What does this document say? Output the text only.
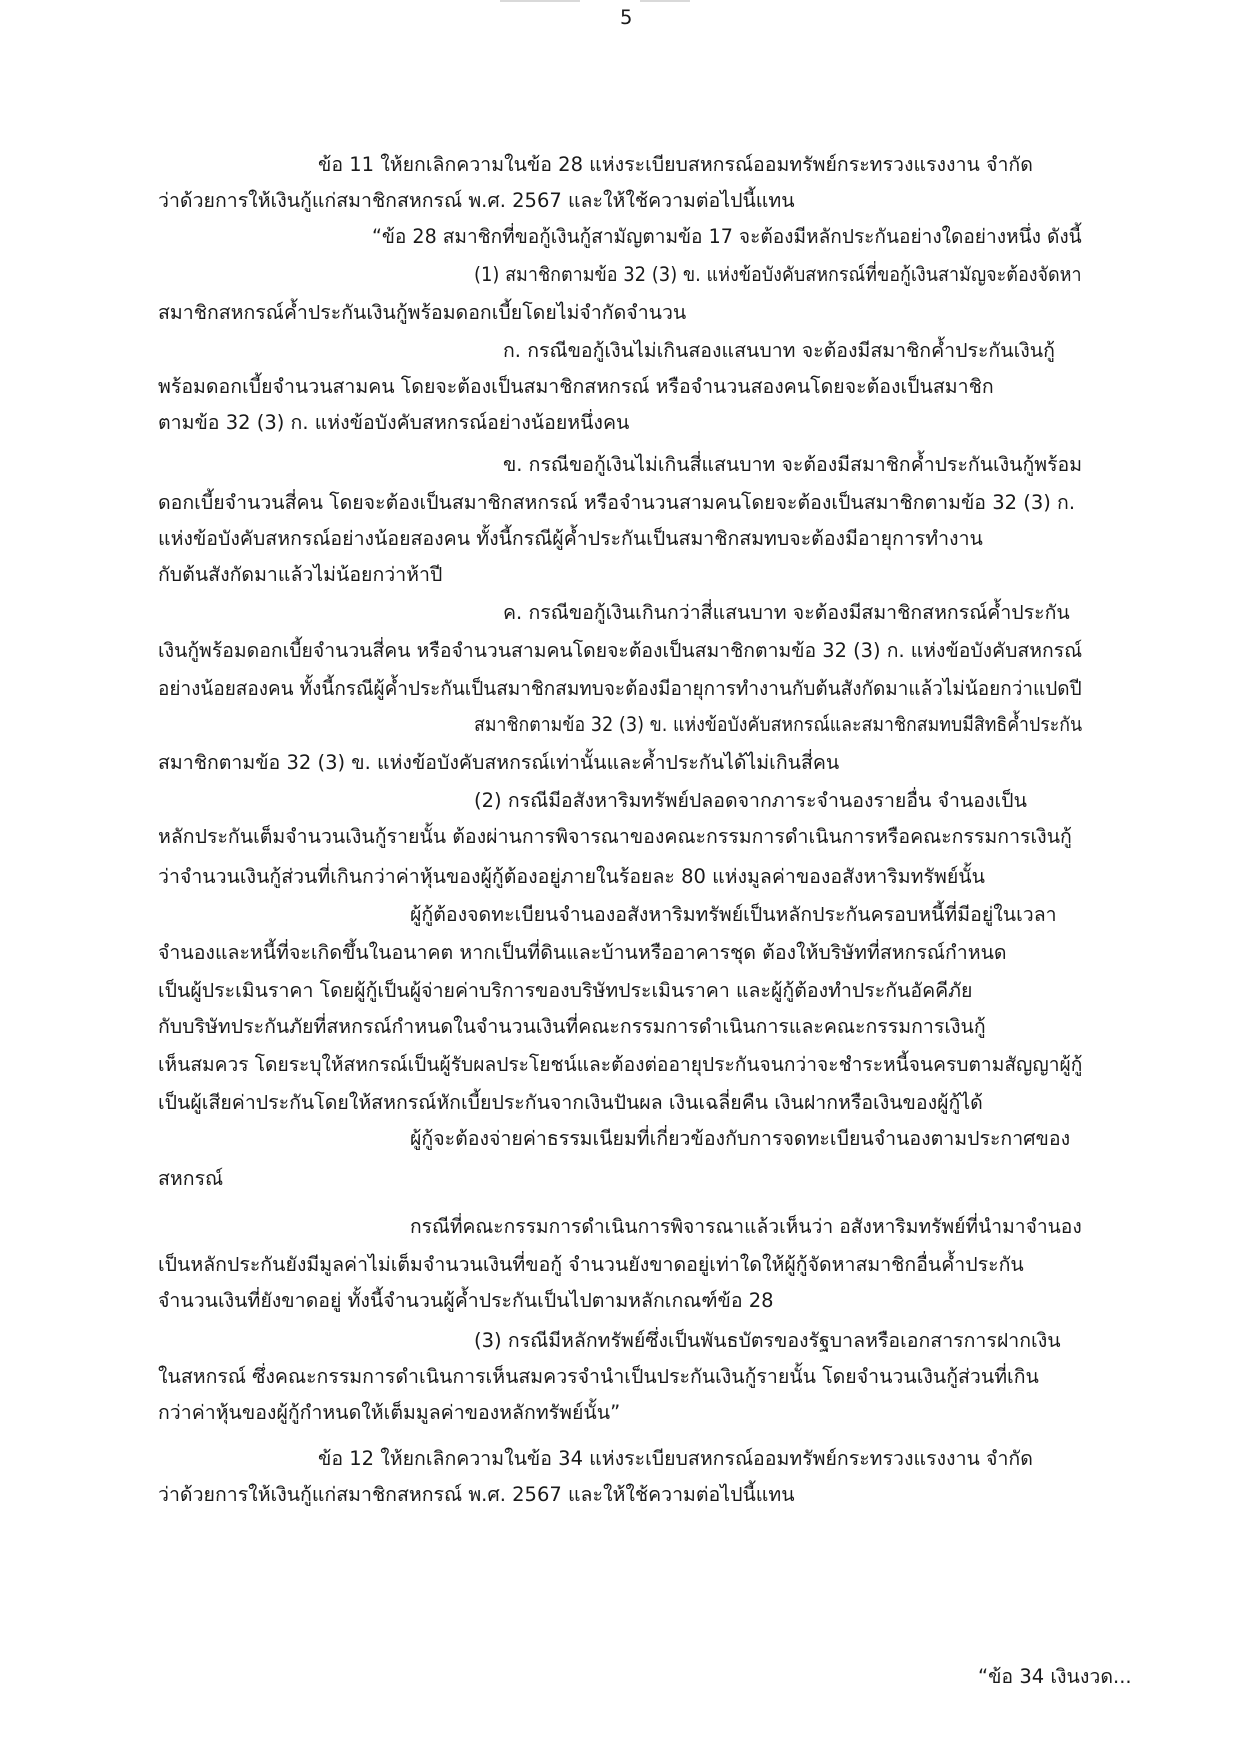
5
ข้อ 11 ให้ยกเลิกความในข้อ 28 แห่งระเบียบสหกรณ์ออมทรัพย์กระทรวงแรงงาน จำกัด
ว่าด้วยการให้เงินกู้แก่สมาชิกสหกรณ์ พ.ศ. 2567 และให้ใช้ความต่อไปนี้แทน
“ข้อ 28 สมาชิกที่ขอกู้เงินกู้สามัญตามข้อ 17 จะต้องมีหลักประกันอย่างใดอย่างหนึ่ง ดังนี้
(1) สมาชิกตามข้อ 32 (3) ข. แห่งข้อบังคับสหกรณ์ที่ขอกู้เงินสามัญจะต้องจัดหา
สมาชิกสหกรณ์ค้ำประกันเงินกู้พร้อมดอกเบี้ยโดยไม่จำกัดจำนวน
ก. กรณีขอกู้เงินไม่เกินสองแสนบาท จะต้องมีสมาชิกค้ำประกันเงินกู้
พร้อมดอกเบี้ยจำนวนสามคน โดยจะต้องเป็นสมาชิกสหกรณ์ หรือจำนวนสองคนโดยจะต้องเป็นสมาชิก
ตามข้อ 32 (3) ก. แห่งข้อบังคับสหกรณ์อย่างน้อยหนึ่งคน
ข. กรณีขอกู้เงินไม่เกินสี่แสนบาท จะต้องมีสมาชิกค้ำประกันเงินกู้พร้อม
ดอกเบี้ยจำนวนสี่คน โดยจะต้องเป็นสมาชิกสหกรณ์ หรือจำนวนสามคนโดยจะต้องเป็นสมาชิกตามข้อ 32 (3) ก.
แห่งข้อบังคับสหกรณ์อย่างน้อยสองคน ทั้งนี้กรณีผู้ค้ำประกันเป็นสมาชิกสมทบจะต้องมีอายุการทำงาน
กับต้นสังกัดมาแล้วไม่น้อยกว่าห้าปี
ค. กรณีขอกู้เงินเกินกว่าสี่แสนบาท จะต้องมีสมาชิกสหกรณ์ค้ำประกัน
เงินกู้พร้อมดอกเบี้ยจำนวนสี่คน หรือจำนวนสามคนโดยจะต้องเป็นสมาชิกตามข้อ 32 (3) ก. แห่งข้อบังคับสหกรณ์
อย่างน้อยสองคน ทั้งนี้กรณีผู้ค้ำประกันเป็นสมาชิกสมทบจะต้องมีอายุการทำงานกับต้นสังกัดมาแล้วไม่น้อยกว่าแปดปี
สมาชิกตามข้อ 32 (3) ข. แห่งข้อบังคับสหกรณ์และสมาชิกสมทบมีสิทธิค้ำประกัน
สมาชิกตามข้อ 32 (3) ข. แห่งข้อบังคับสหกรณ์เท่านั้นและค้ำประกันได้ไม่เกินสี่คน
(2) กรณีมีอสังหาริมทรัพย์ปลอดจากภาระจำนองรายอื่น จำนองเป็น
หลักประกันเต็มจำนวนเงินกู้รายนั้น ต้องผ่านการพิจารณาของคณะกรรมการดำเนินการหรือคณะกรรมการเงินกู้
ว่าจำนวนเงินกู้ส่วนที่เกินกว่าค่าหุ้นของผู้กู้ต้องอยู่ภายในร้อยละ 80 แห่งมูลค่าของอสังหาริมทรัพย์นั้น
ผู้กู้ต้องจดทะเบียนจำนองอสังหาริมทรัพย์เป็นหลักประกันครอบหนี้ที่มีอยู่ในเวลา
จำนองและหนี้ที่จะเกิดขึ้นในอนาคต หากเป็นที่ดินและบ้านหรืออาคารชุด ต้องให้บริษัทที่สหกรณ์กำหนด
เป็นผู้ประเมินราคา โดยผู้กู้เป็นผู้จ่ายค่าบริการของบริษัทประเมินราคา และผู้กู้ต้องทำประกันอัคคีภัย
กับบริษัทประกันภัยที่สหกรณ์กำหนดในจำนวนเงินที่คณะกรรมการดำเนินการและคณะกรรมการเงินกู้
เห็นสมควร โดยระบุให้สหกรณ์เป็นผู้รับผลประโยชน์และต้องต่ออายุประกันจนกว่าจะชำระหนี้จนครบตามสัญญาผู้กู้
เป็นผู้เสียค่าประกันโดยให้สหกรณ์หักเบี้ยประกันจากเงินปันผล เงินเฉลี่ยคืน เงินฝากหรือเงินของผู้กู้ได้
ผู้กู้จะต้องจ่ายค่าธรรมเนียมที่เกี่ยวข้องกับการจดทะเบียนจำนองตามประกาศของ
สหกรณ์
กรณีที่คณะกรรมการดำเนินการพิจารณาแล้วเห็นว่า อสังหาริมทรัพย์ที่นำมาจำนอง
เป็นหลักประกันยังมีมูลค่าไม่เต็มจำนวนเงินที่ขอกู้ จำนวนยังขาดอยู่เท่าใดให้ผู้กู้จัดหาสมาชิกอื่นค้ำประกัน
จำนวนเงินที่ยังขาดอยู่ ทั้งนี้จำนวนผู้ค้ำประกันเป็นไปตามหลักเกณฑ์ข้อ 28
(3) กรณีมีหลักทรัพย์ซึ่งเป็นพันธบัตรของรัฐบาลหรือเอกสารการฝากเงิน
ในสหกรณ์ ซึ่งคณะกรรมการดำเนินการเห็นสมควรจำนำเป็นประกันเงินกู้รายนั้น โดยจำนวนเงินกู้ส่วนที่เกิน
กว่าค่าหุ้นของผู้กู้กำหนดให้เต็มมูลค่าของหลักทรัพย์นั้น”
ข้อ 12 ให้ยกเลิกความในข้อ 34 แห่งระเบียบสหกรณ์ออมทรัพย์กระทรวงแรงงาน จำกัด
ว่าด้วยการให้เงินกู้แก่สมาชิกสหกรณ์ พ.ศ. 2567 และให้ใช้ความต่อไปนี้แทน
“ข้อ 34 เงินงวด...
